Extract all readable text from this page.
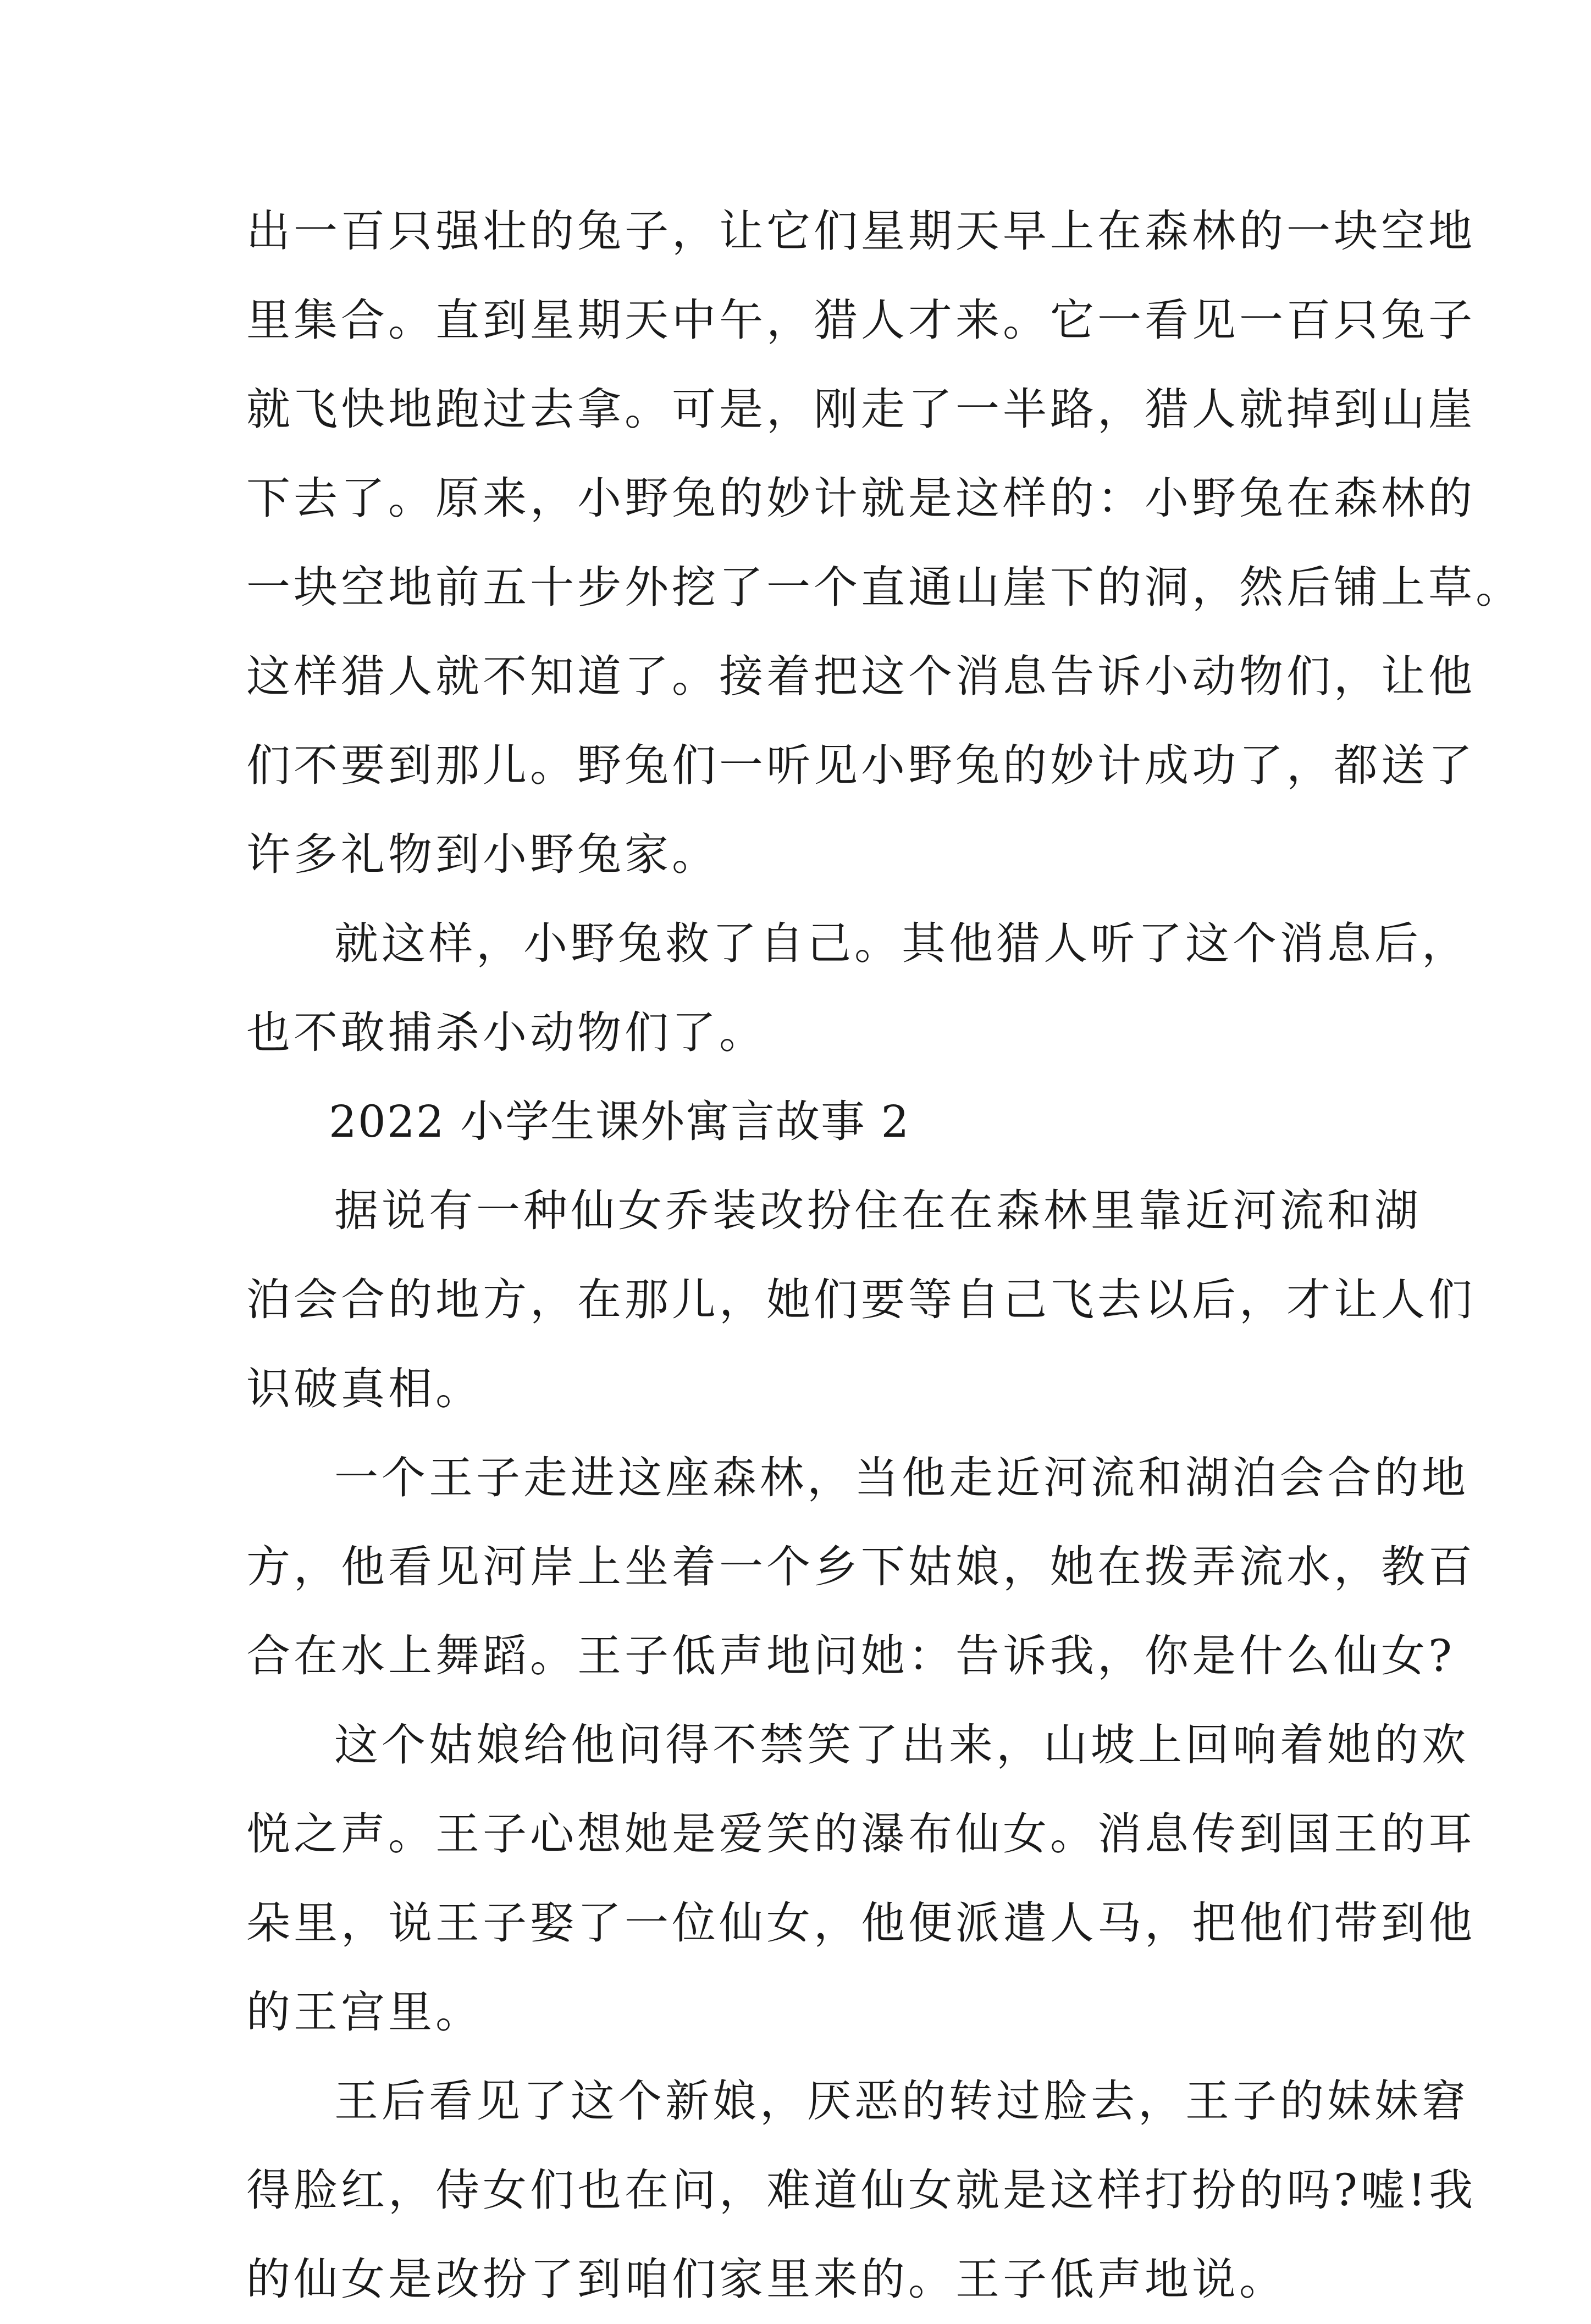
出一百只强壮的兔子，让它们星期天早上在森林的一块空地
里集合。直到星期天中午，猎人才来。它一看见一百只兔子
就飞快地跑过去拿。可是，刚走了一半路，猎人就掉到山崖
下去了。原来，小野兔的妙计就是这样的：小野兔在森林的
一块空地前五十步外挖了一个直通山崖下的洞，然后铺上草。
这样猎人就不知道了。接着把这个消息告诉小动物们，让他
们不要到那儿。野兔们一听见小野兔的妙计成功了，都送了
许多礼物到小野兔家。
就这样，小野兔救了自己。其他猎人听了这个消息后，
也不敢捕杀小动物们了。
2022 小学生课外寓言故事 2
据说有一种仙女乔装改扮住在在森林里靠近河流和湖
泊会合的地方，在那儿，她们要等自己飞去以后，才让人们
识破真相。
一个王子走进这座森林，当他走近河流和湖泊会合的地
方，他看见河岸上坐着一个乡下姑娘，她在拨弄流水，教百
合在水上舞蹈。王子低声地问她：告诉我，你是什么仙女?
这个姑娘给他问得不禁笑了出来，山坡上回响着她的欢
悦之声。王子心想她是爱笑的瀑布仙女。消息传到国王的耳
朵里，说王子娶了一位仙女，他便派遣人马，把他们带到他
的王宫里。
王后看见了这个新娘，厌恶的转过脸去，王子的妹妹窘
得脸红，侍女们也在问，难道仙女就是这样打扮的吗?嘘!我
的仙女是改扮了到咱们家里来的。王子低声地说。
